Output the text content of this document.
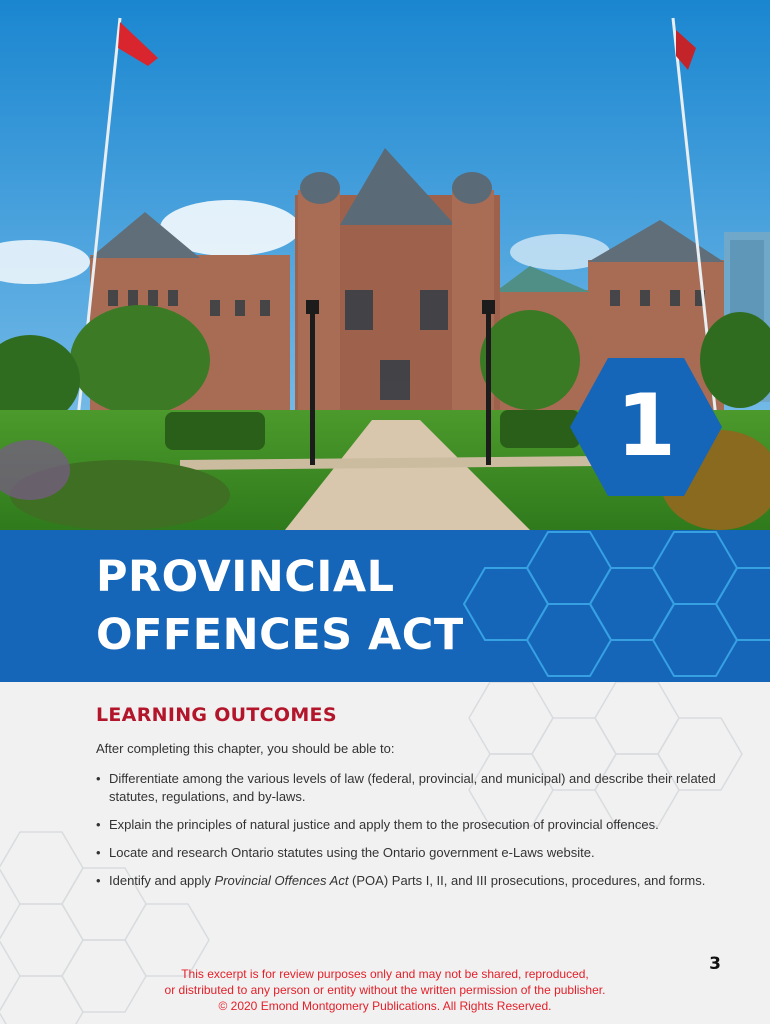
1
PROVINCIAL OFFENCES ACT
LEARNING OUTCOMES

After completing this chapter, you should be able to:

• Differentiate among the various levels of law (federal, provincial, and municipal) and describe their related statutes, regulations, and by-laws.
• Explain the principles of natural justice and apply them to the prosecution of provincial offences.
• Locate and research Ontario statutes using the Ontario government e-Laws website.
• Identify and apply Provincial Offences Act (POA) Parts I, II, and III prosecutions, procedures, and forms.
3
This excerpt is for review purposes only and may not be shared, reproduced,
or distributed to any person or entity without the written permission of the publisher.
© 2020 Emond Montgomery Publications. All Rights Reserved.
